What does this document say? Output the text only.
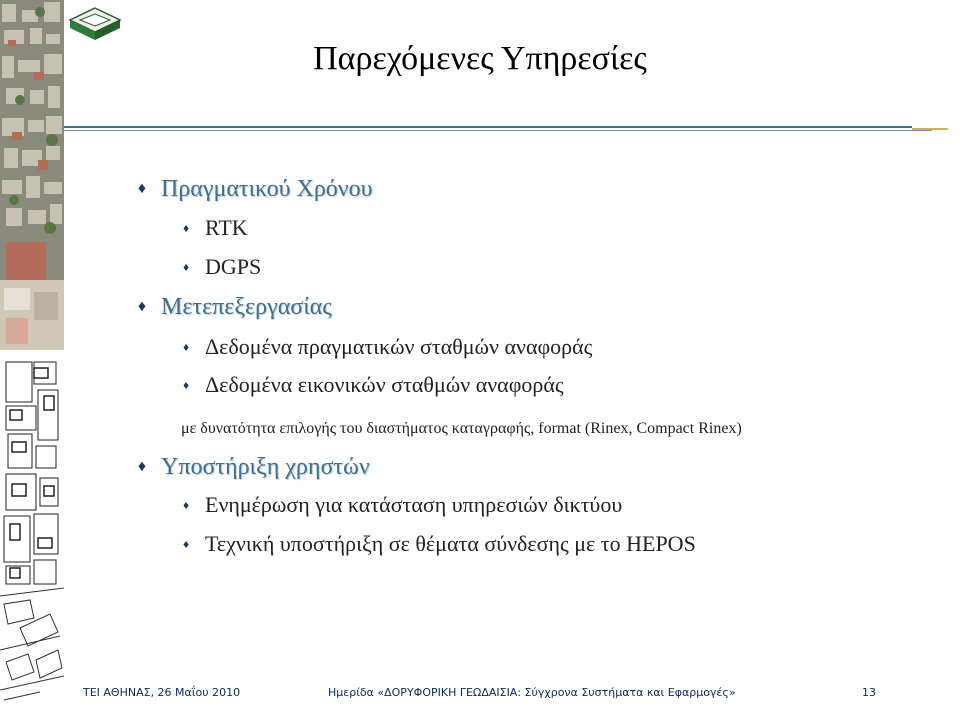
Παρεχόμενες Υπηρεσίες
♦ Πραγματικού Χρόνου
♦ RTK
♦ DGPS
♦ Μετεπεξεργασίας
♦ Δεδομένα πραγματικών σταθμών αναφοράς
♦ Δεδομένα εικονικών σταθμών αναφοράς
με δυνατότητα επιλογής του διαστήματος καταγραφής, format (Rinex, Compact Rinex)
♦ Υποστήριξη χρηστών
♦ Ενημέρωση για κατάσταση υπηρεσιών δικτύου
♦ Τεχνική υποστήριξη σε θέματα σύνδεσης με το HEPOS
ΤΕΙ ΑΘΗΝΑΣ, 26 Μαΐου 2010	Ημερίδα «ΔΟΡΥΦΟΡΙΚΗ ΓΕΩΔΑΙΣΙΑ: Σύγχρονα Συστήματα και Εφαρμογές»	13
